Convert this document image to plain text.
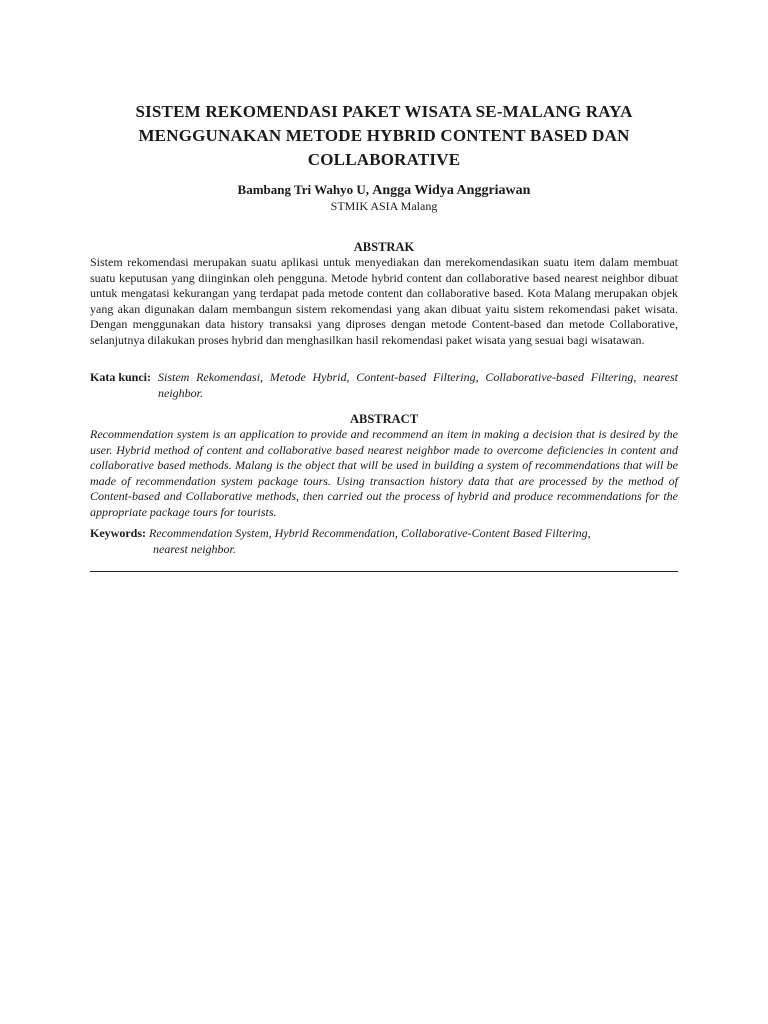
SISTEM REKOMENDASI PAKET WISATA SE-MALANG RAYA
MENGGUNAKAN METODE HYBRID CONTENT BASED DAN
COLLABORATIVE
Bambang Tri Wahyo U, Angga Widya Anggriawan
STMIK ASIA Malang
ABSTRAK
Sistem rekomendasi merupakan suatu aplikasi untuk menyediakan dan merekomendasikan suatu item dalam membuat suatu keputusan yang diinginkan oleh pengguna. Metode hybrid content dan collaborative based nearest neighbor dibuat untuk mengatasi kekurangan yang terdapat pada metode content dan collaborative based. Kota Malang merupakan objek yang akan digunakan dalam membangun sistem rekomendasi yang akan dibuat yaitu sistem rekomendasi paket wisata. Dengan menggunakan data history transaksi yang diproses dengan metode Content-based dan metode Collaborative, selanjutnya dilakukan proses hybrid dan menghasilkan hasil rekomendasi paket wisata yang sesuai bagi wisatawan.
Kata kunci: Sistem Rekomendasi, Metode Hybrid, Content-based Filtering, Collaborative-based Filtering, nearest neighbor.
ABSTRACT
Recommendation system is an application to provide and recommend an item in making a decision that is desired by the user. Hybrid method of content and collaborative based nearest neighbor made to overcome deficiencies in content and collaborative based methods. Malang is the object that will be used in building a system of recommendations that will be made of recommendation system package tours. Using transaction history data that are processed by the method of Content-based and Collaborative methods, then carried out the process of hybrid and produce recommendations for the appropriate package tours for tourists.
Keywords: Recommendation System, Hybrid Recommendation, Collaborative-Content Based Filtering,
nearest neighbor.
